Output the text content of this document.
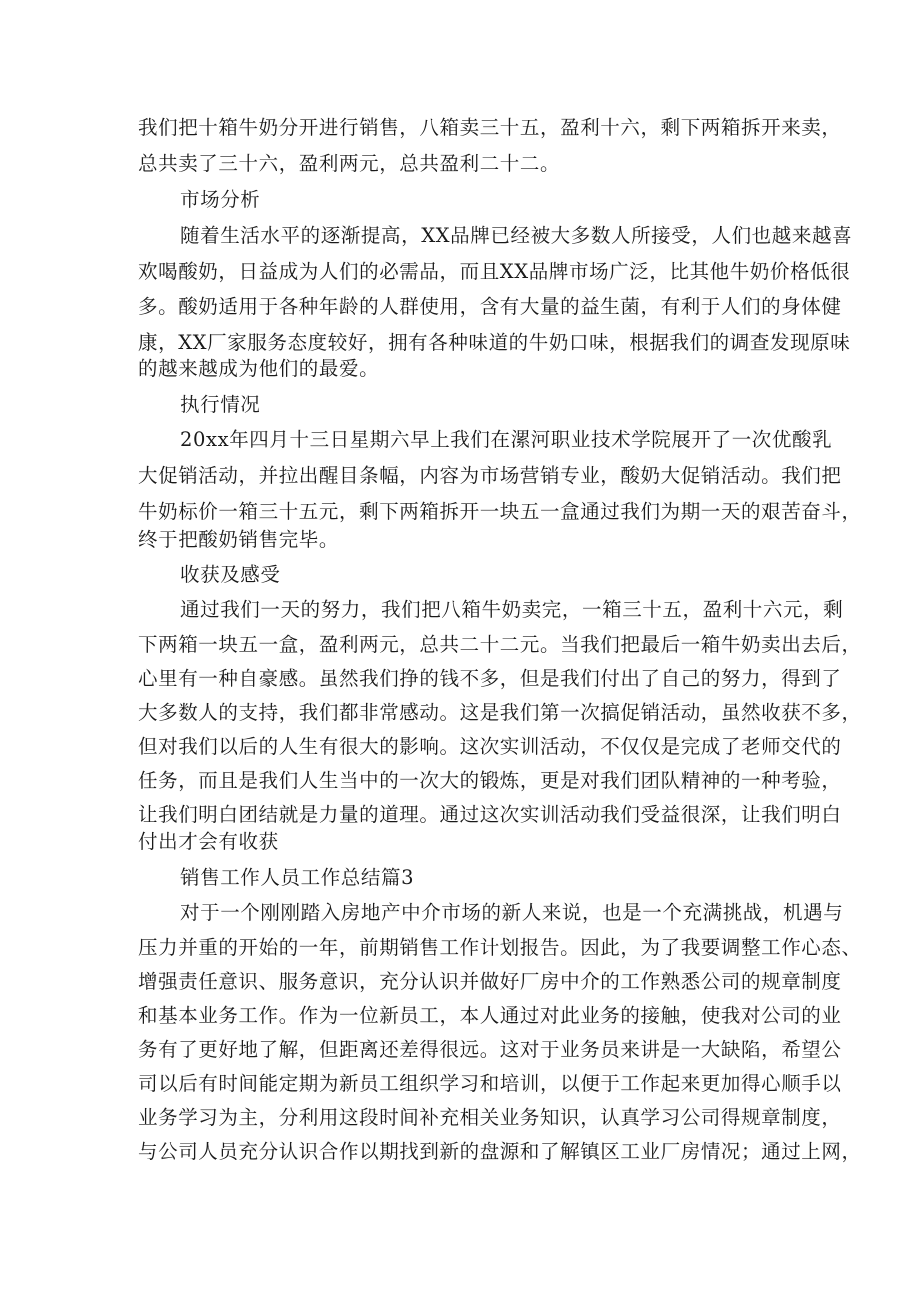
我们把十箱牛奶分开进行销售，八箱卖三十五，盈利十六，剩下两箱拆开来卖，
总共卖了三十六，盈利两元，总共盈利二十二。
市场分析
随着生活水平的逐渐提高，XX品牌已经被大多数人所接受，人们也越来越喜
欢喝酸奶，日益成为人们的必需品，而且XX品牌市场广泛，比其他牛奶价格低很
多。酸奶适用于各种年龄的人群使用，含有大量的益生菌，有利于人们的身体健
康，XX厂家服务态度较好，拥有各种味道的牛奶口味，根据我们的调查发现原味
的越来越成为他们的最爱。
执行情况
20xx年四月十三日星期六早上我们在漯河职业技术学院展开了一次优酸乳
大促销活动，并拉出醒目条幅，内容为市场营销专业，酸奶大促销活动。我们把
牛奶标价一箱三十五元，剩下两箱拆开一块五一盒通过我们为期一天的艰苦奋斗，
终于把酸奶销售完毕。
收获及感受
通过我们一天的努力，我们把八箱牛奶卖完，一箱三十五，盈利十六元，剩
下两箱一块五一盒，盈利两元，总共二十二元。当我们把最后一箱牛奶卖出去后，
心里有一种自豪感。虽然我们挣的钱不多，但是我们付出了自己的努力，得到了
大多数人的支持，我们都非常感动。这是我们第一次搞促销活动，虽然收获不多，
但对我们以后的人生有很大的影响。这次实训活动，不仅仅是完成了老师交代的
任务，而且是我们人生当中的一次大的锻炼，更是对我们团队精神的一种考验，
让我们明白团结就是力量的道理。通过这次实训活动我们受益很深，让我们明白
付出才会有收获
销售工作人员工作总结篇3
对于一个刚刚踏入房地产中介市场的新人来说，也是一个充满挑战，机遇与
压力并重的开始的一年，前期销售工作计划报告。因此，为了我要调整工作心态、
增强责任意识、服务意识，充分认识并做好厂房中介的工作熟悉公司的规章制度
和基本业务工作。作为一位新员工，本人通过对此业务的接触，使我对公司的业
务有了更好地了解，但距离还差得很远。这对于业务员来讲是一大缺陷，希望公
司以后有时间能定期为新员工组织学习和培训，以便于工作起来更加得心顺手以
业务学习为主，分利用这段时间补充相关业务知识，认真学习公司得规章制度，
与公司人员充分认识合作以期找到新的盘源和了解镇区工业厂房情况；通过上网，
